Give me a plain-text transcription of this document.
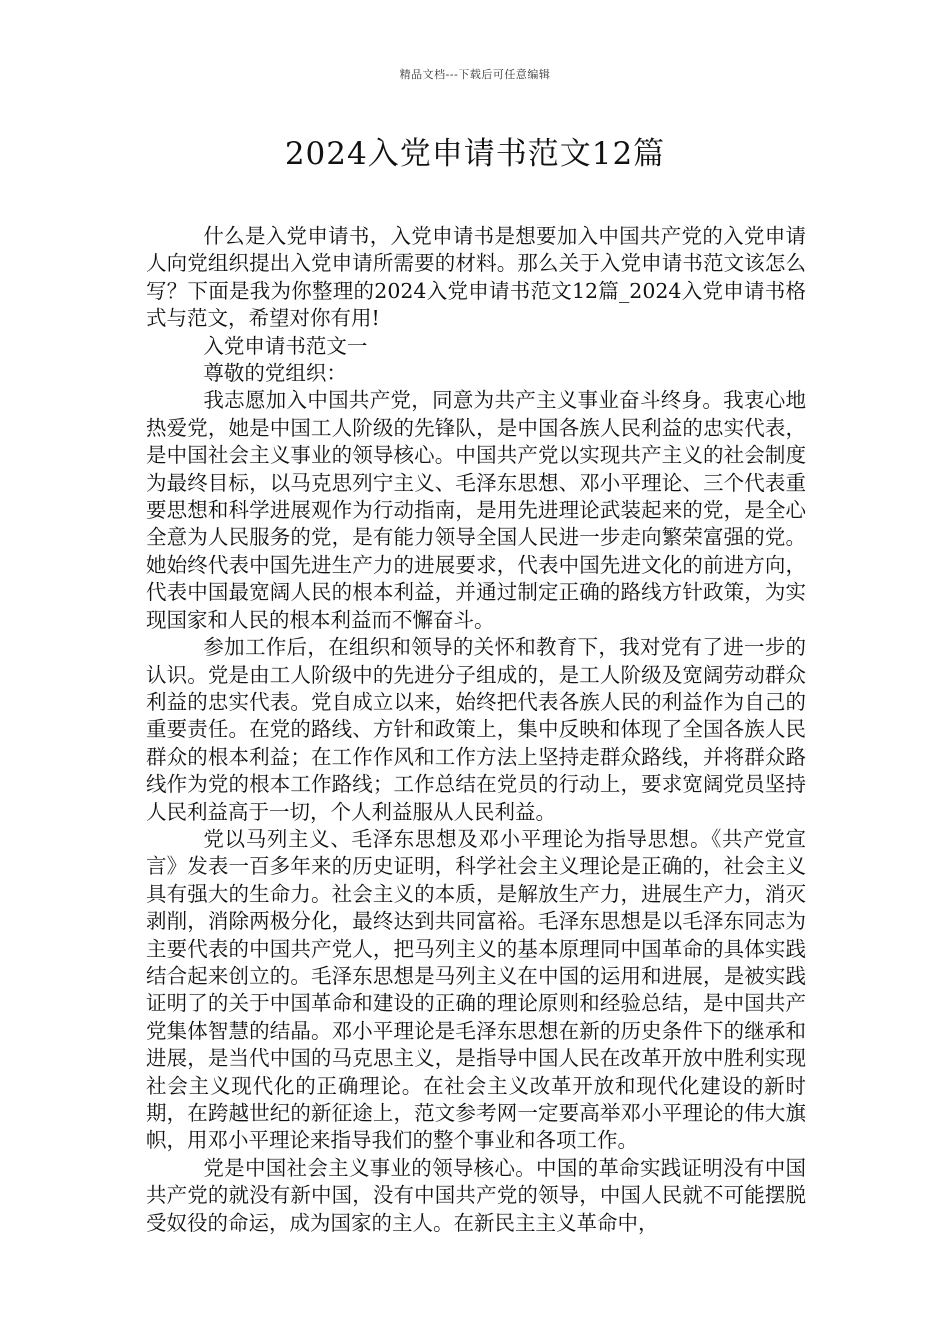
精品文档---下载后可任意编辑
2024入党申请书范文12篇

什么是入党申请书，入党申请书是想要加入中国共产党的入党申请人向党组织提出入党申请所需要的材料。那么关于入党申请书范文该怎么写？下面是我为你整理的2024入党申请书范文12篇_2024入党申请书格式与范文，希望对你有用!

入党申请书范文一

尊敬的党组织：

我志愿加入中国共产党，同意为共产主义事业奋斗终身。我衷心地热爱党，她是中国工人阶级的先锋队，是中国各族人民利益的忠实代表，是中国社会主义事业的领导核心。中国共产党以实现共产主义的社会制度为最终目标，以马克思列宁主义、毛泽东思想、邓小平理论、三个代表重要思想和科学进展观作为行动指南，是用先进理论武装起来的党，是全心全意为人民服务的党，是有能力领导全国人民进一步走向繁荣富强的党。她始终代表中国先进生产力的进展要求，代表中国先进文化的前进方向，代表中国最宽阔人民的根本利益，并通过制定正确的路线方针政策，为实现国家和人民的根本利益而不懈奋斗。

参加工作后，在组织和领导的关怀和教育下，我对党有了进一步的认识。党是由工人阶级中的先进分子组成的，是工人阶级及宽阔劳动群众利益的忠实代表。党自成立以来，始终把代表各族人民的利益作为自己的重要责任。在党的路线、方针和政策上，集中反映和体现了全国各族人民群众的根本利益；在工作作风和工作方法上坚持走群众路线，并将群众路线作为党的根本工作路线；工作总结在党员的行动上，要求宽阔党员坚持人民利益高于一切，个人利益服从人民利益。

党以马列主义、毛泽东思想及邓小平理论为指导思想。《共产党宣言》发表一百多年来的历史证明，科学社会主义理论是正确的，社会主义具有强大的生命力。社会主义的本质，是解放生产力，进展生产力，消灭剥削，消除两极分化，最终达到共同富裕。毛泽东思想是以毛泽东同志为主要代表的中国共产党人，把马列主义的基本原理同中国革命的具体实践结合起来创立的。毛泽东思想是马列主义在中国的运用和进展，是被实践证明了的关于中国革命和建设的正确的理论原则和经验总结，是中国共产党集体智慧的结晶。邓小平理论是毛泽东思想在新的历史条件下的继承和进展，是当代中国的马克思主义，是指导中国人民在改革开放中胜利实现社会主义现代化的正确理论。在社会主义改革开放和现代化建设的新时期，在跨越世纪的新征途上，范文参考网一定要高举邓小平理论的伟大旗帜，用邓小平理论来指导我们的整个事业和各项工作。

党是中国社会主义事业的领导核心。中国的革命实践证明没有中国共产党的就没有新中国，没有中国共产党的领导，中国人民就不可能摆脱受奴役的命运，成为国家的主人。在新民主主义革命中，
